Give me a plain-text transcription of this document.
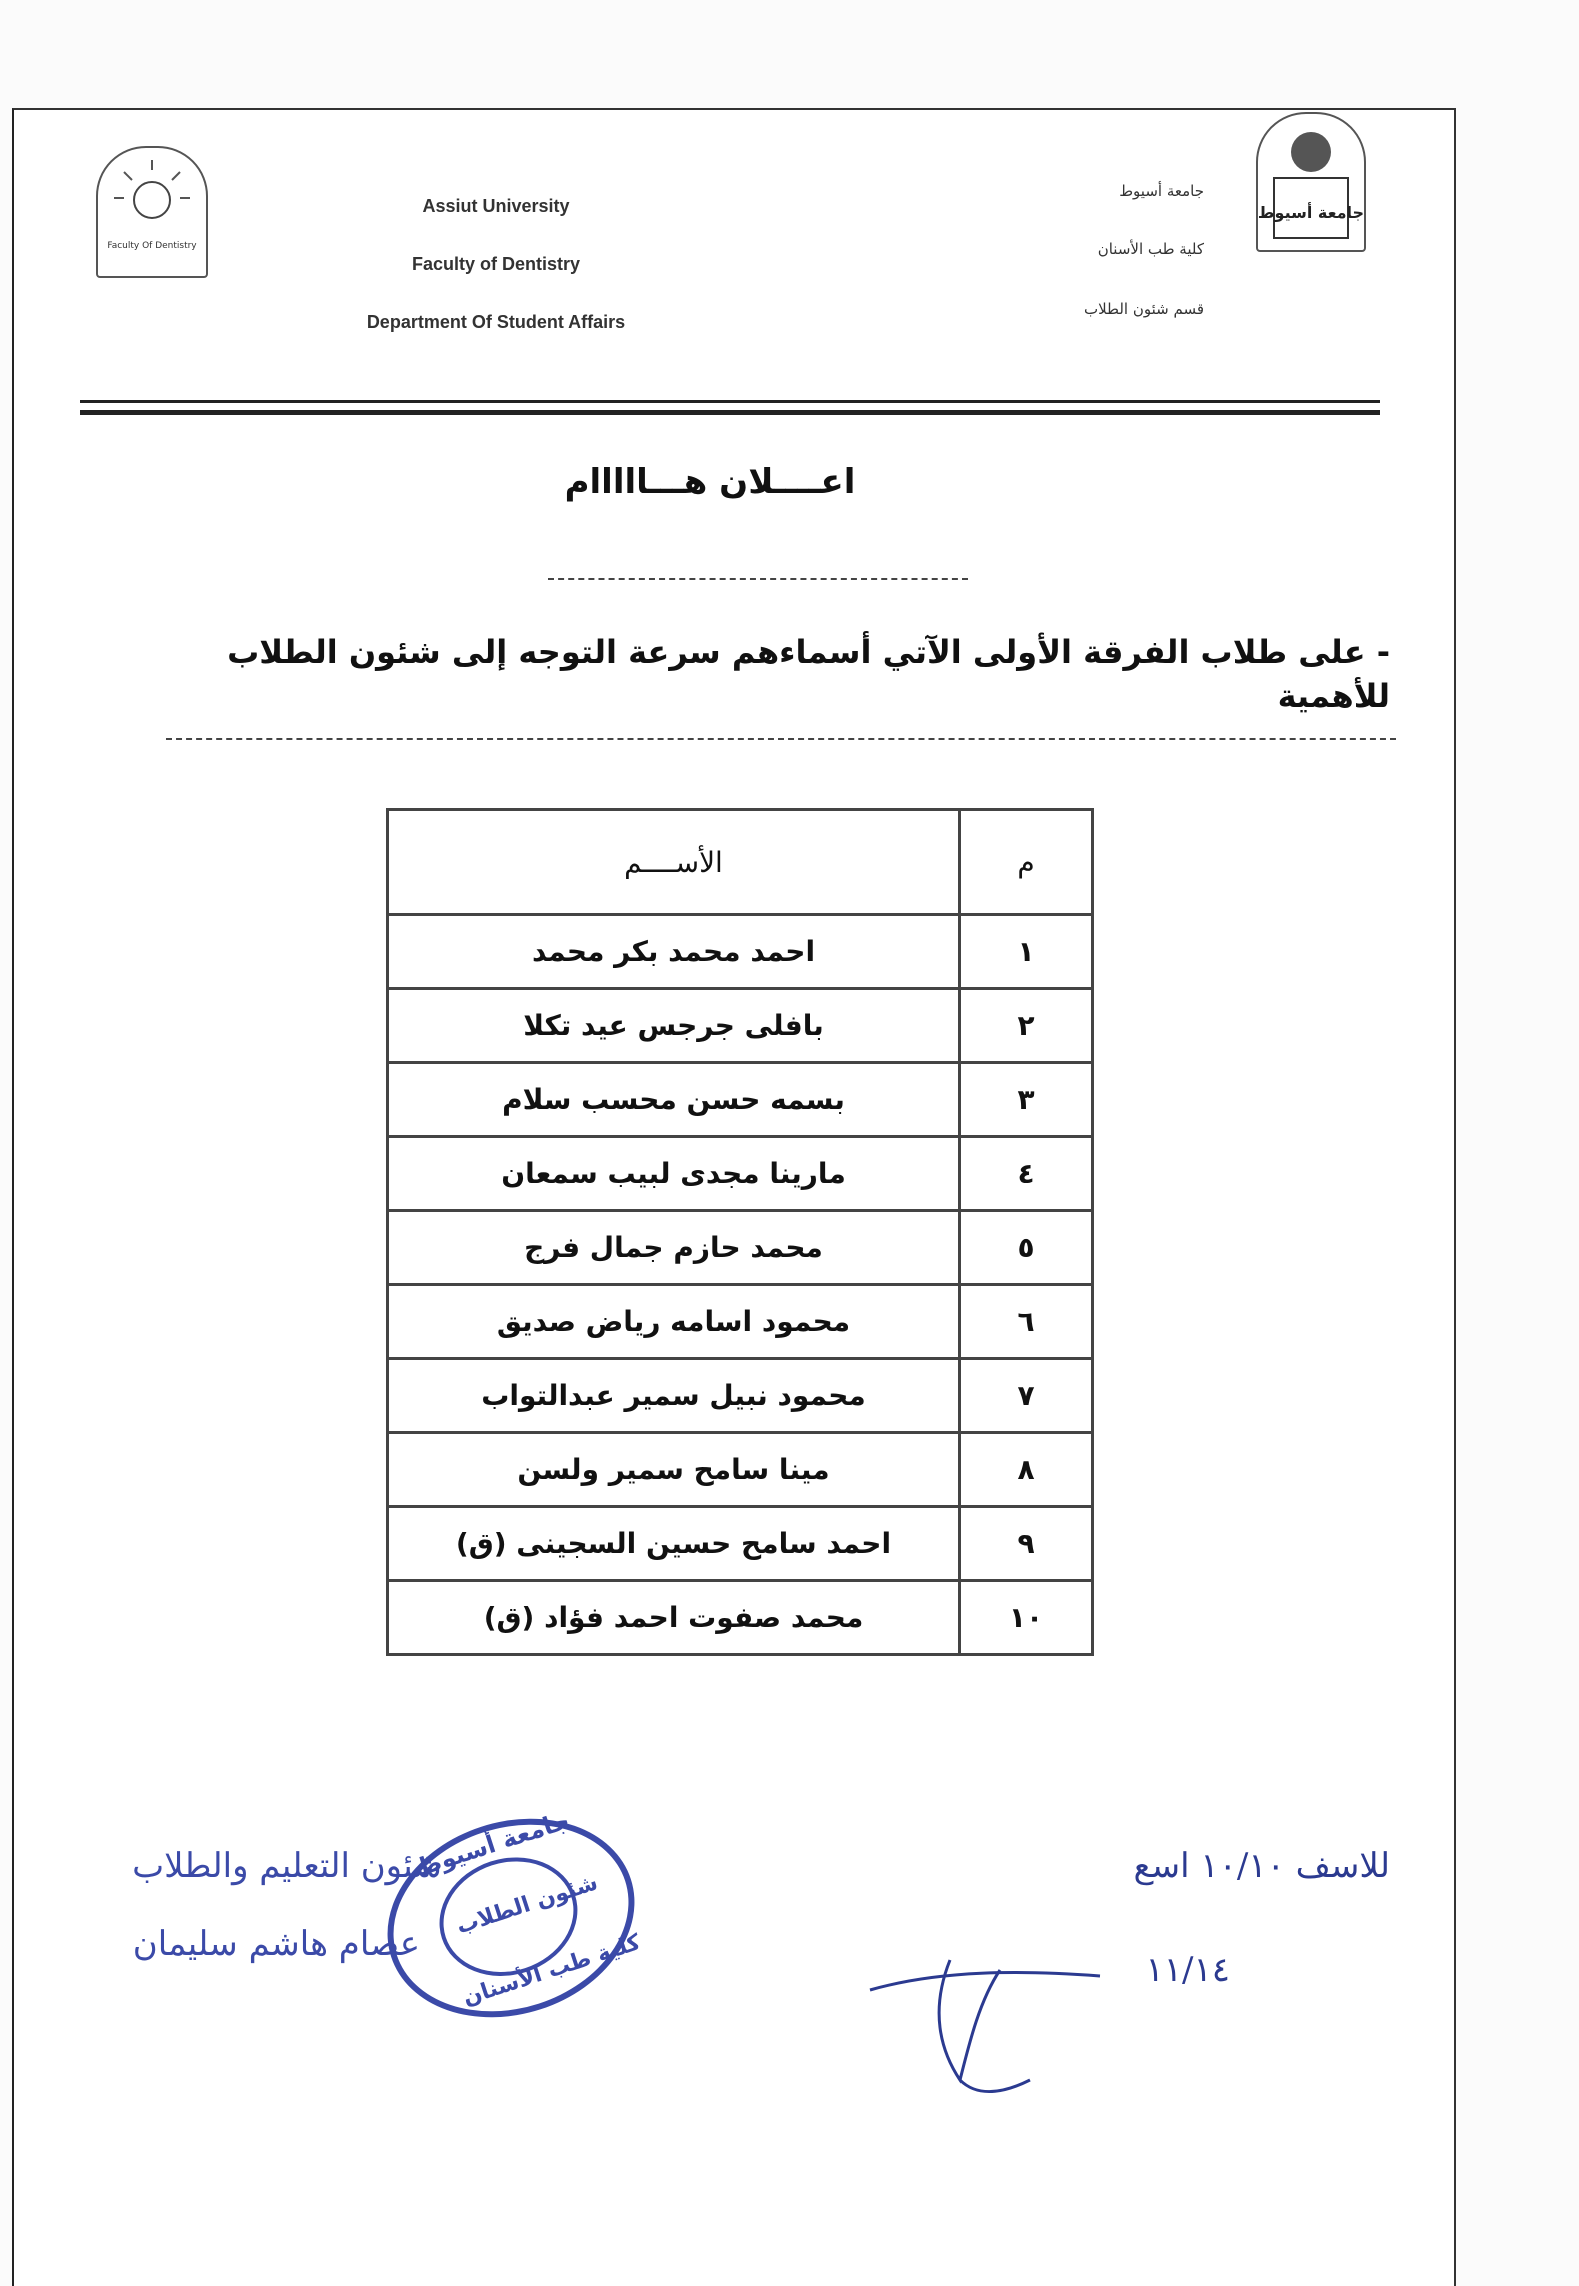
Faculty Of Dentistry
جامعة أسيوط
Assiut University
Faculty of Dentistry
Department Of Student Affairs
جامعة أسيوط
كلية طب الأسنان
قسم شئون الطلاب
اعــــلان هـــااااام
- على طلاب الفرقة الأولى الآتي أسماءهم سرعة التوجه إلى شئون الطلاب للأهمية
م	الأســــم
١	احمد محمد بكر محمد
٢	بافلى جرجس عيد تكلا
٣	بسمه حسن محسب سلام
٤	مارينا مجدى لبيب سمعان
٥	محمد حازم جمال فرج
٦	محمود اسامه رياض صديق
٧	محمود نبيل سمير عبدالتواب
٨	مينا سامح سمير ولسن
٩	احمد سامح حسين السجينى (ق)
١٠	محمد صفوت احمد فؤاد (ق)
جامعة أسيوط
شئون الطلاب
كلية طب الأسنان
شئون التعليم والطلاب
عصام هاشم سليمان
للاسف ١٠/١٠ اسع
١١/١٤
